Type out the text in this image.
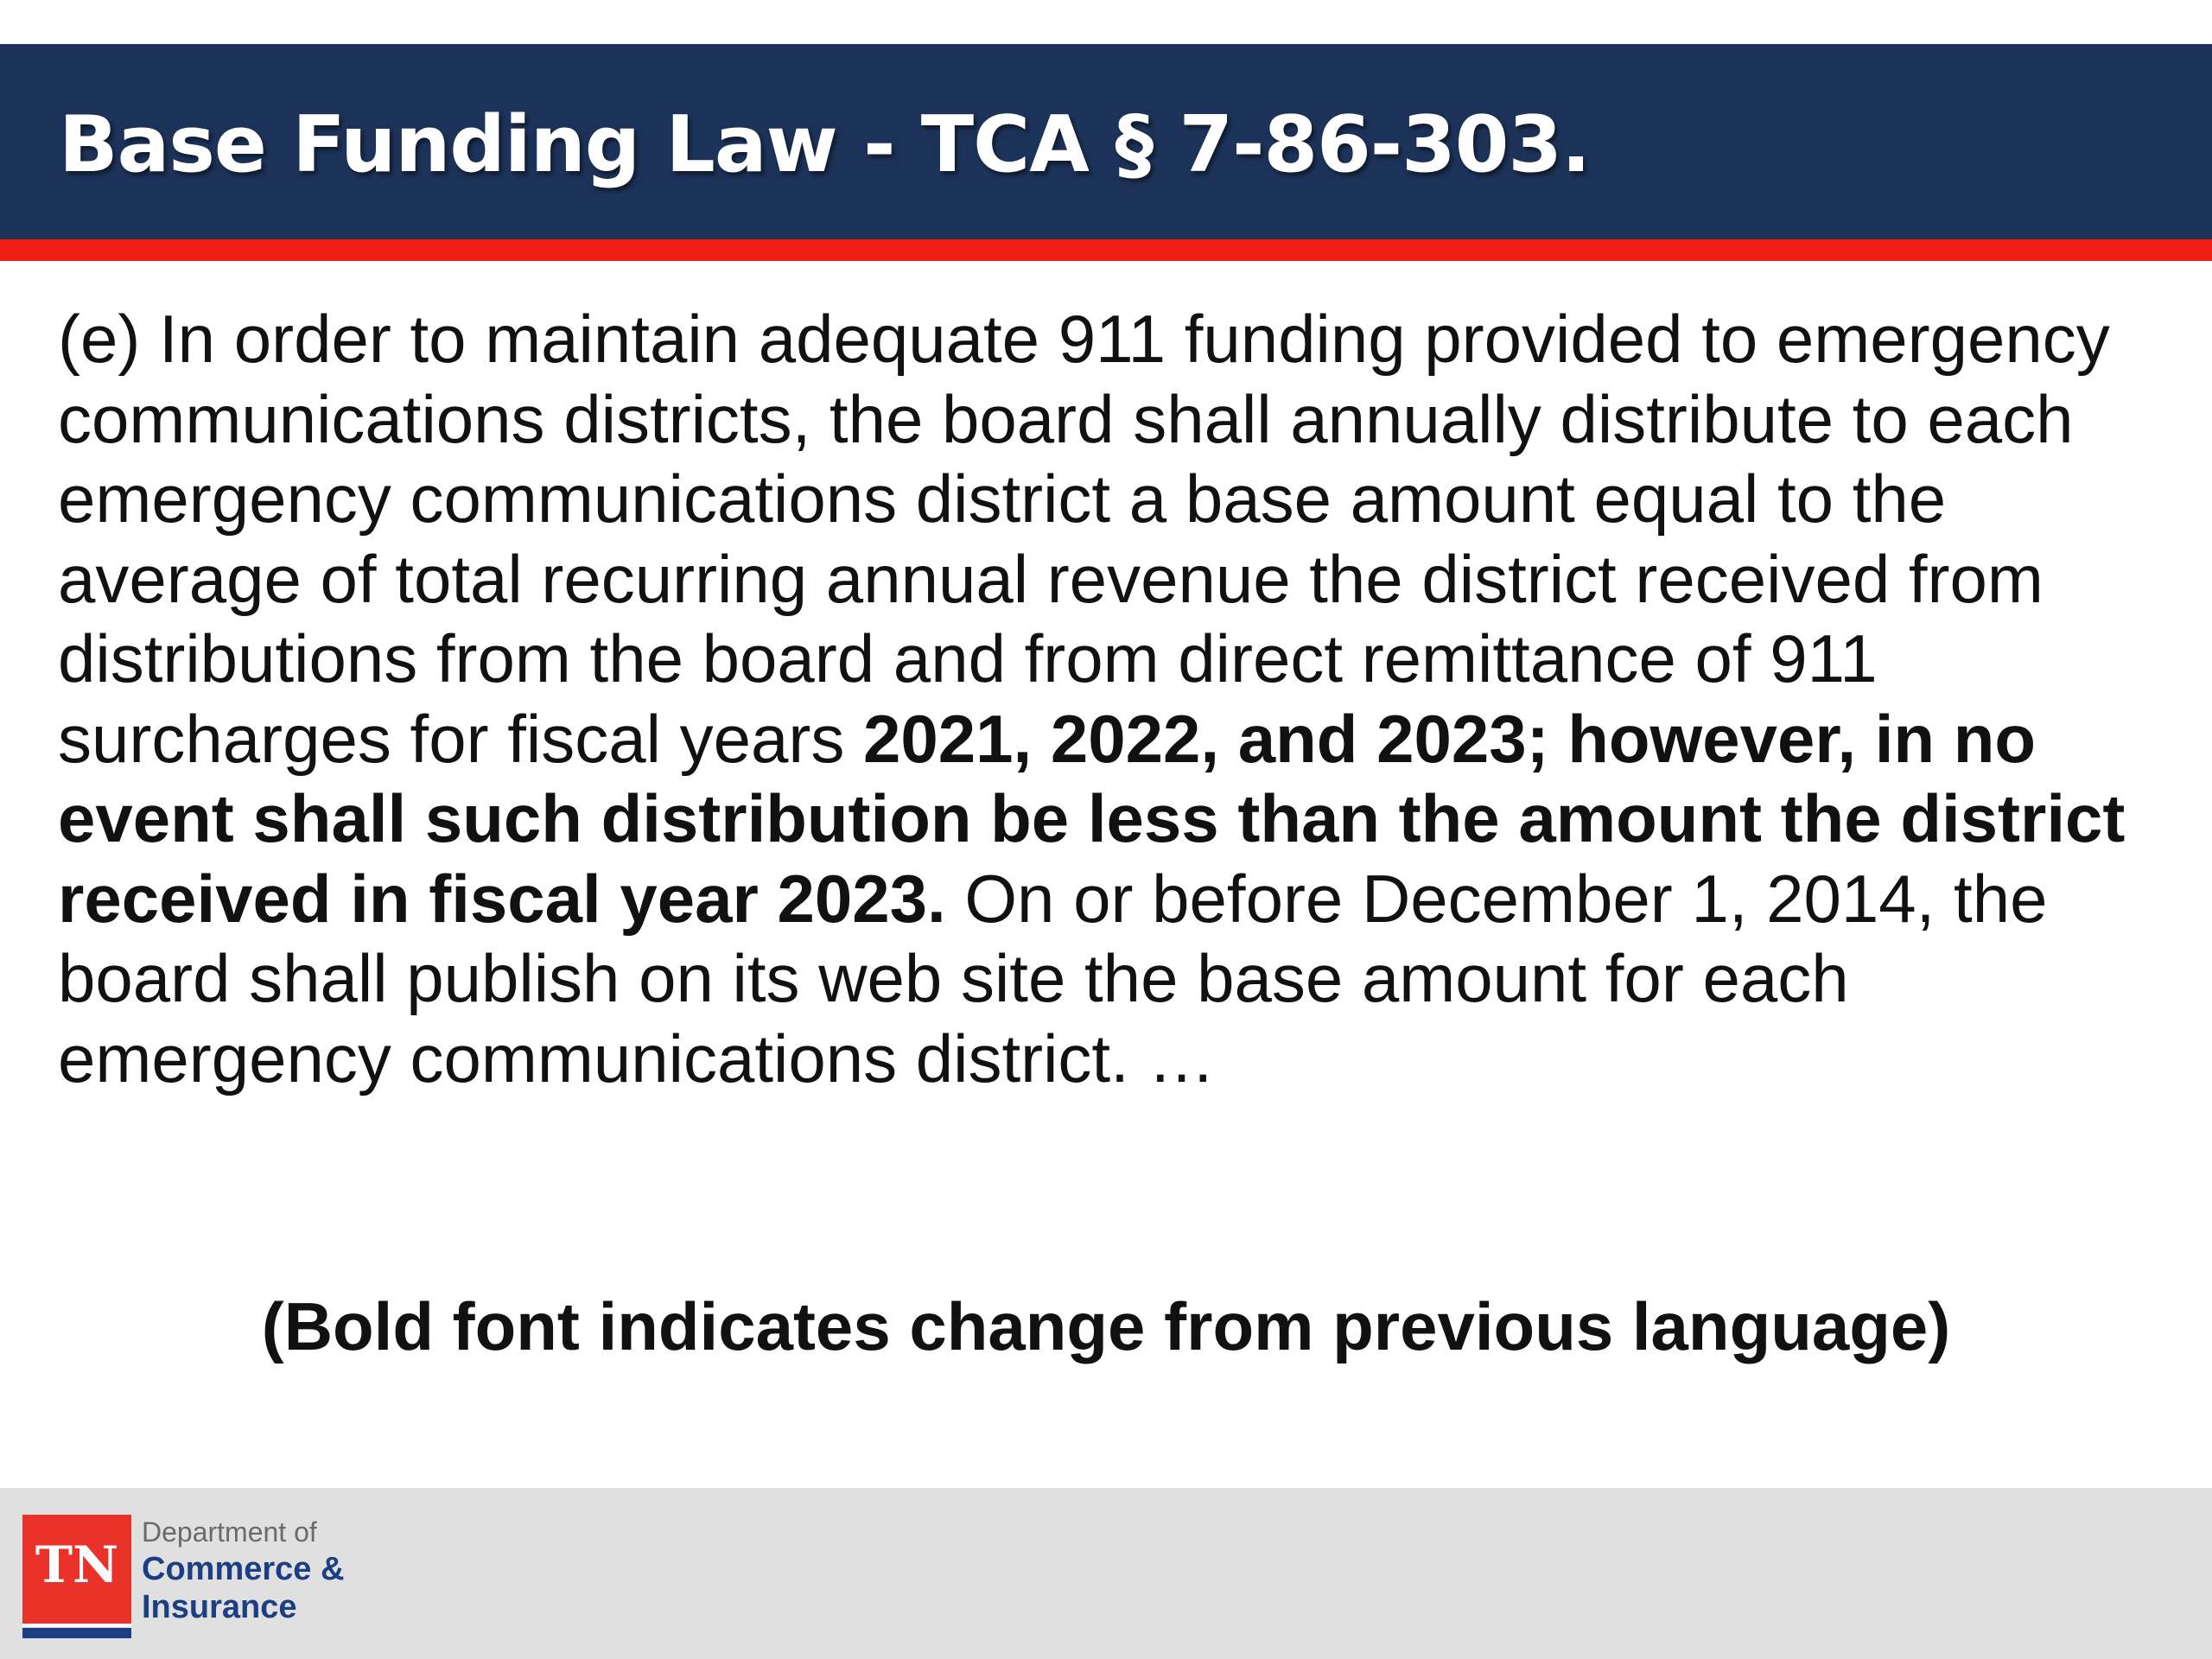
Base Funding Law - TCA § 7-86-303.

(e) In order to maintain adequate 911 funding provided to emergency communications districts, the board shall annually distribute to each emergency communications district a base amount equal to the average of total recurring annual revenue the district received from distributions from the board and from direct remittance of 911 surcharges for fiscal years 2021, 2022, and 2023; however, in no event shall such distribution be less than the amount the district received in fiscal year 2023. On or before December 1, 2014, the board shall publish on its web site the base amount for each emergency communications district. …

(Bold font indicates change from previous language)

TN
Department of
Commerce &
Insurance
